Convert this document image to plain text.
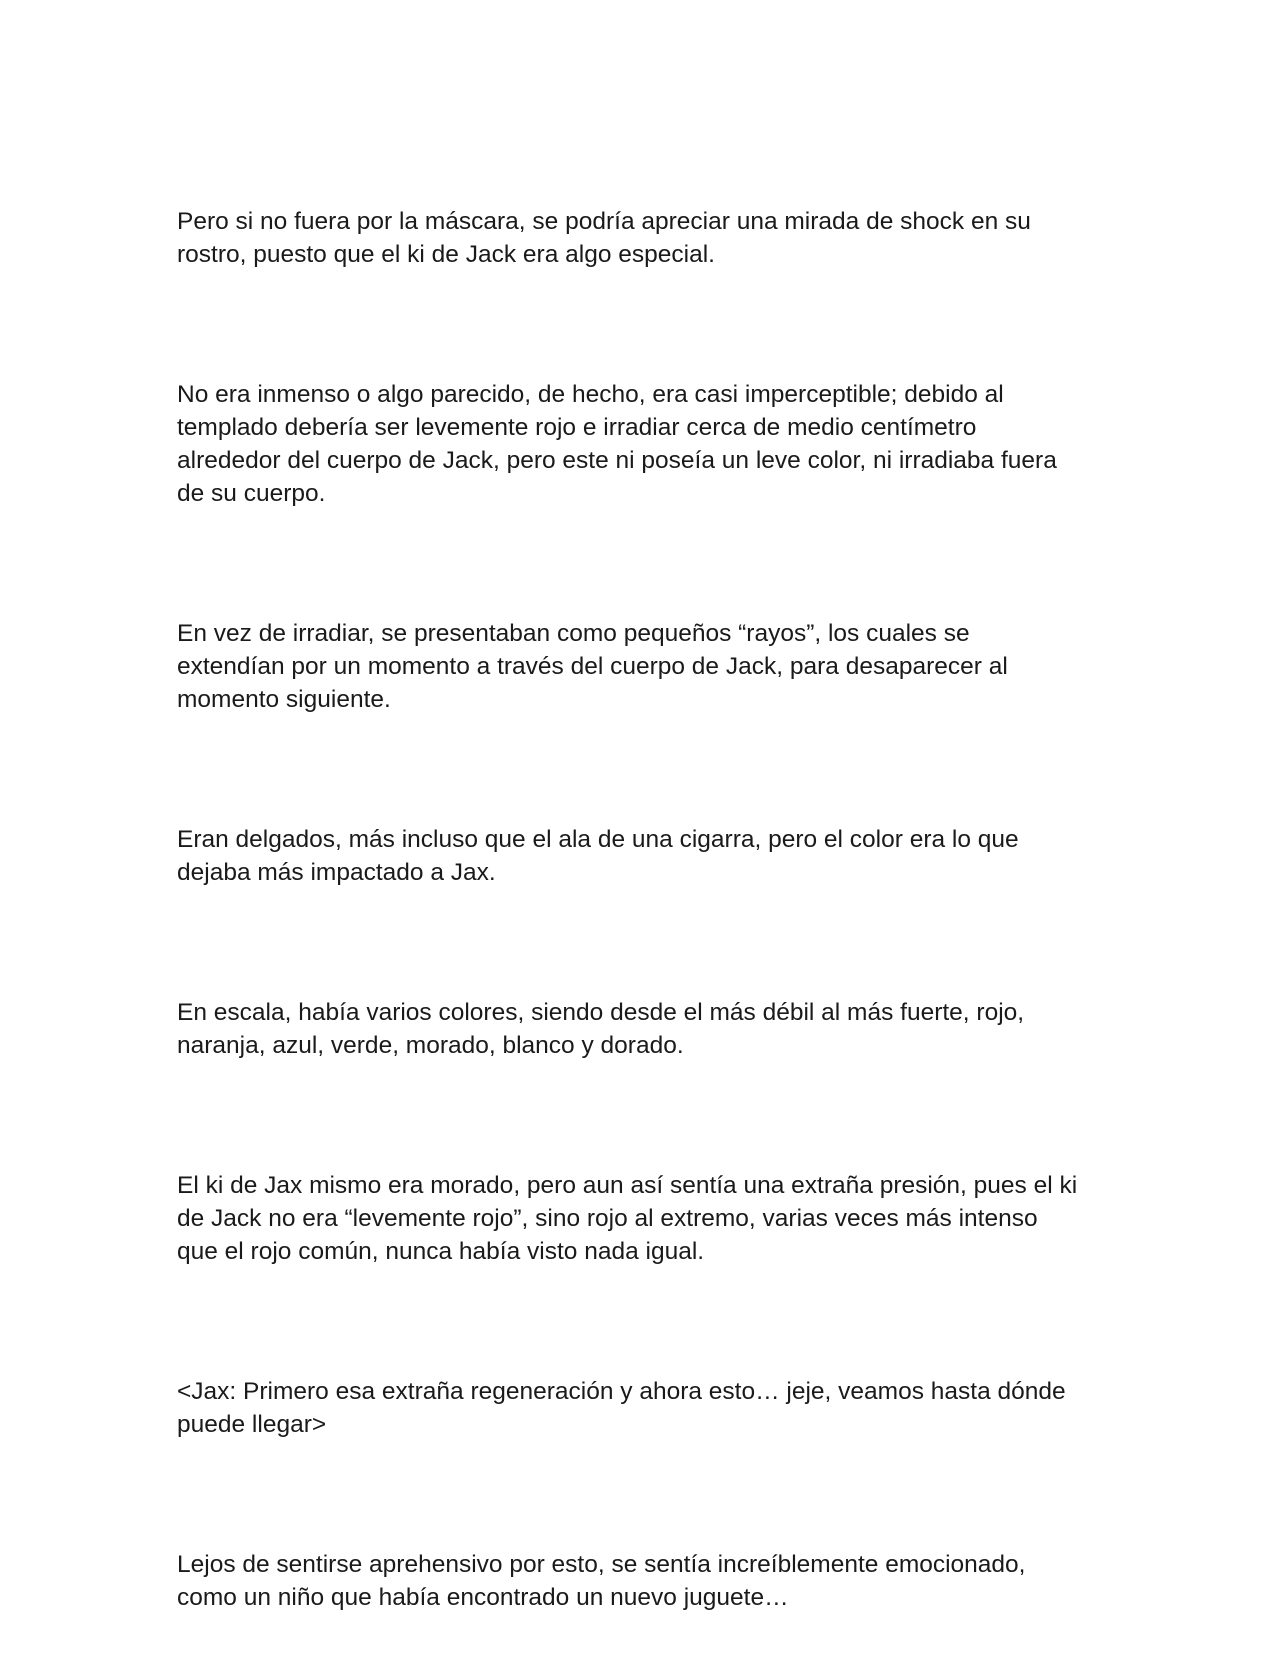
Pero si no fuera por la máscara, se podría apreciar una mirada de shock en su
rostro, puesto que el ki de Jack era algo especial.

No era inmenso o algo parecido, de hecho, era casi imperceptible; debido al
templado debería ser levemente rojo e irradiar cerca de medio centímetro
alrededor del cuerpo de Jack, pero este ni poseía un leve color, ni irradiaba fuera
de su cuerpo.

En vez de irradiar, se presentaban como pequeños “rayos”, los cuales se
extendían por un momento a través del cuerpo de Jack, para desaparecer al
momento siguiente.

Eran delgados, más incluso que el ala de una cigarra, pero el color era lo que
dejaba más impactado a Jax.

En escala, había varios colores, siendo desde el más débil al más fuerte, rojo,
naranja, azul, verde, morado, blanco y dorado.

El ki de Jax mismo era morado, pero aun así sentía una extraña presión, pues el ki
de Jack no era “levemente rojo”, sino rojo al extremo, varias veces más intenso
que el rojo común, nunca había visto nada igual.

<Jax: Primero esa extraña regeneración y ahora esto… jeje, veamos hasta dónde
puede llegar>

Lejos de sentirse aprehensivo por esto, se sentía increíblemente emocionado,
como un niño que había encontrado un nuevo juguete…
